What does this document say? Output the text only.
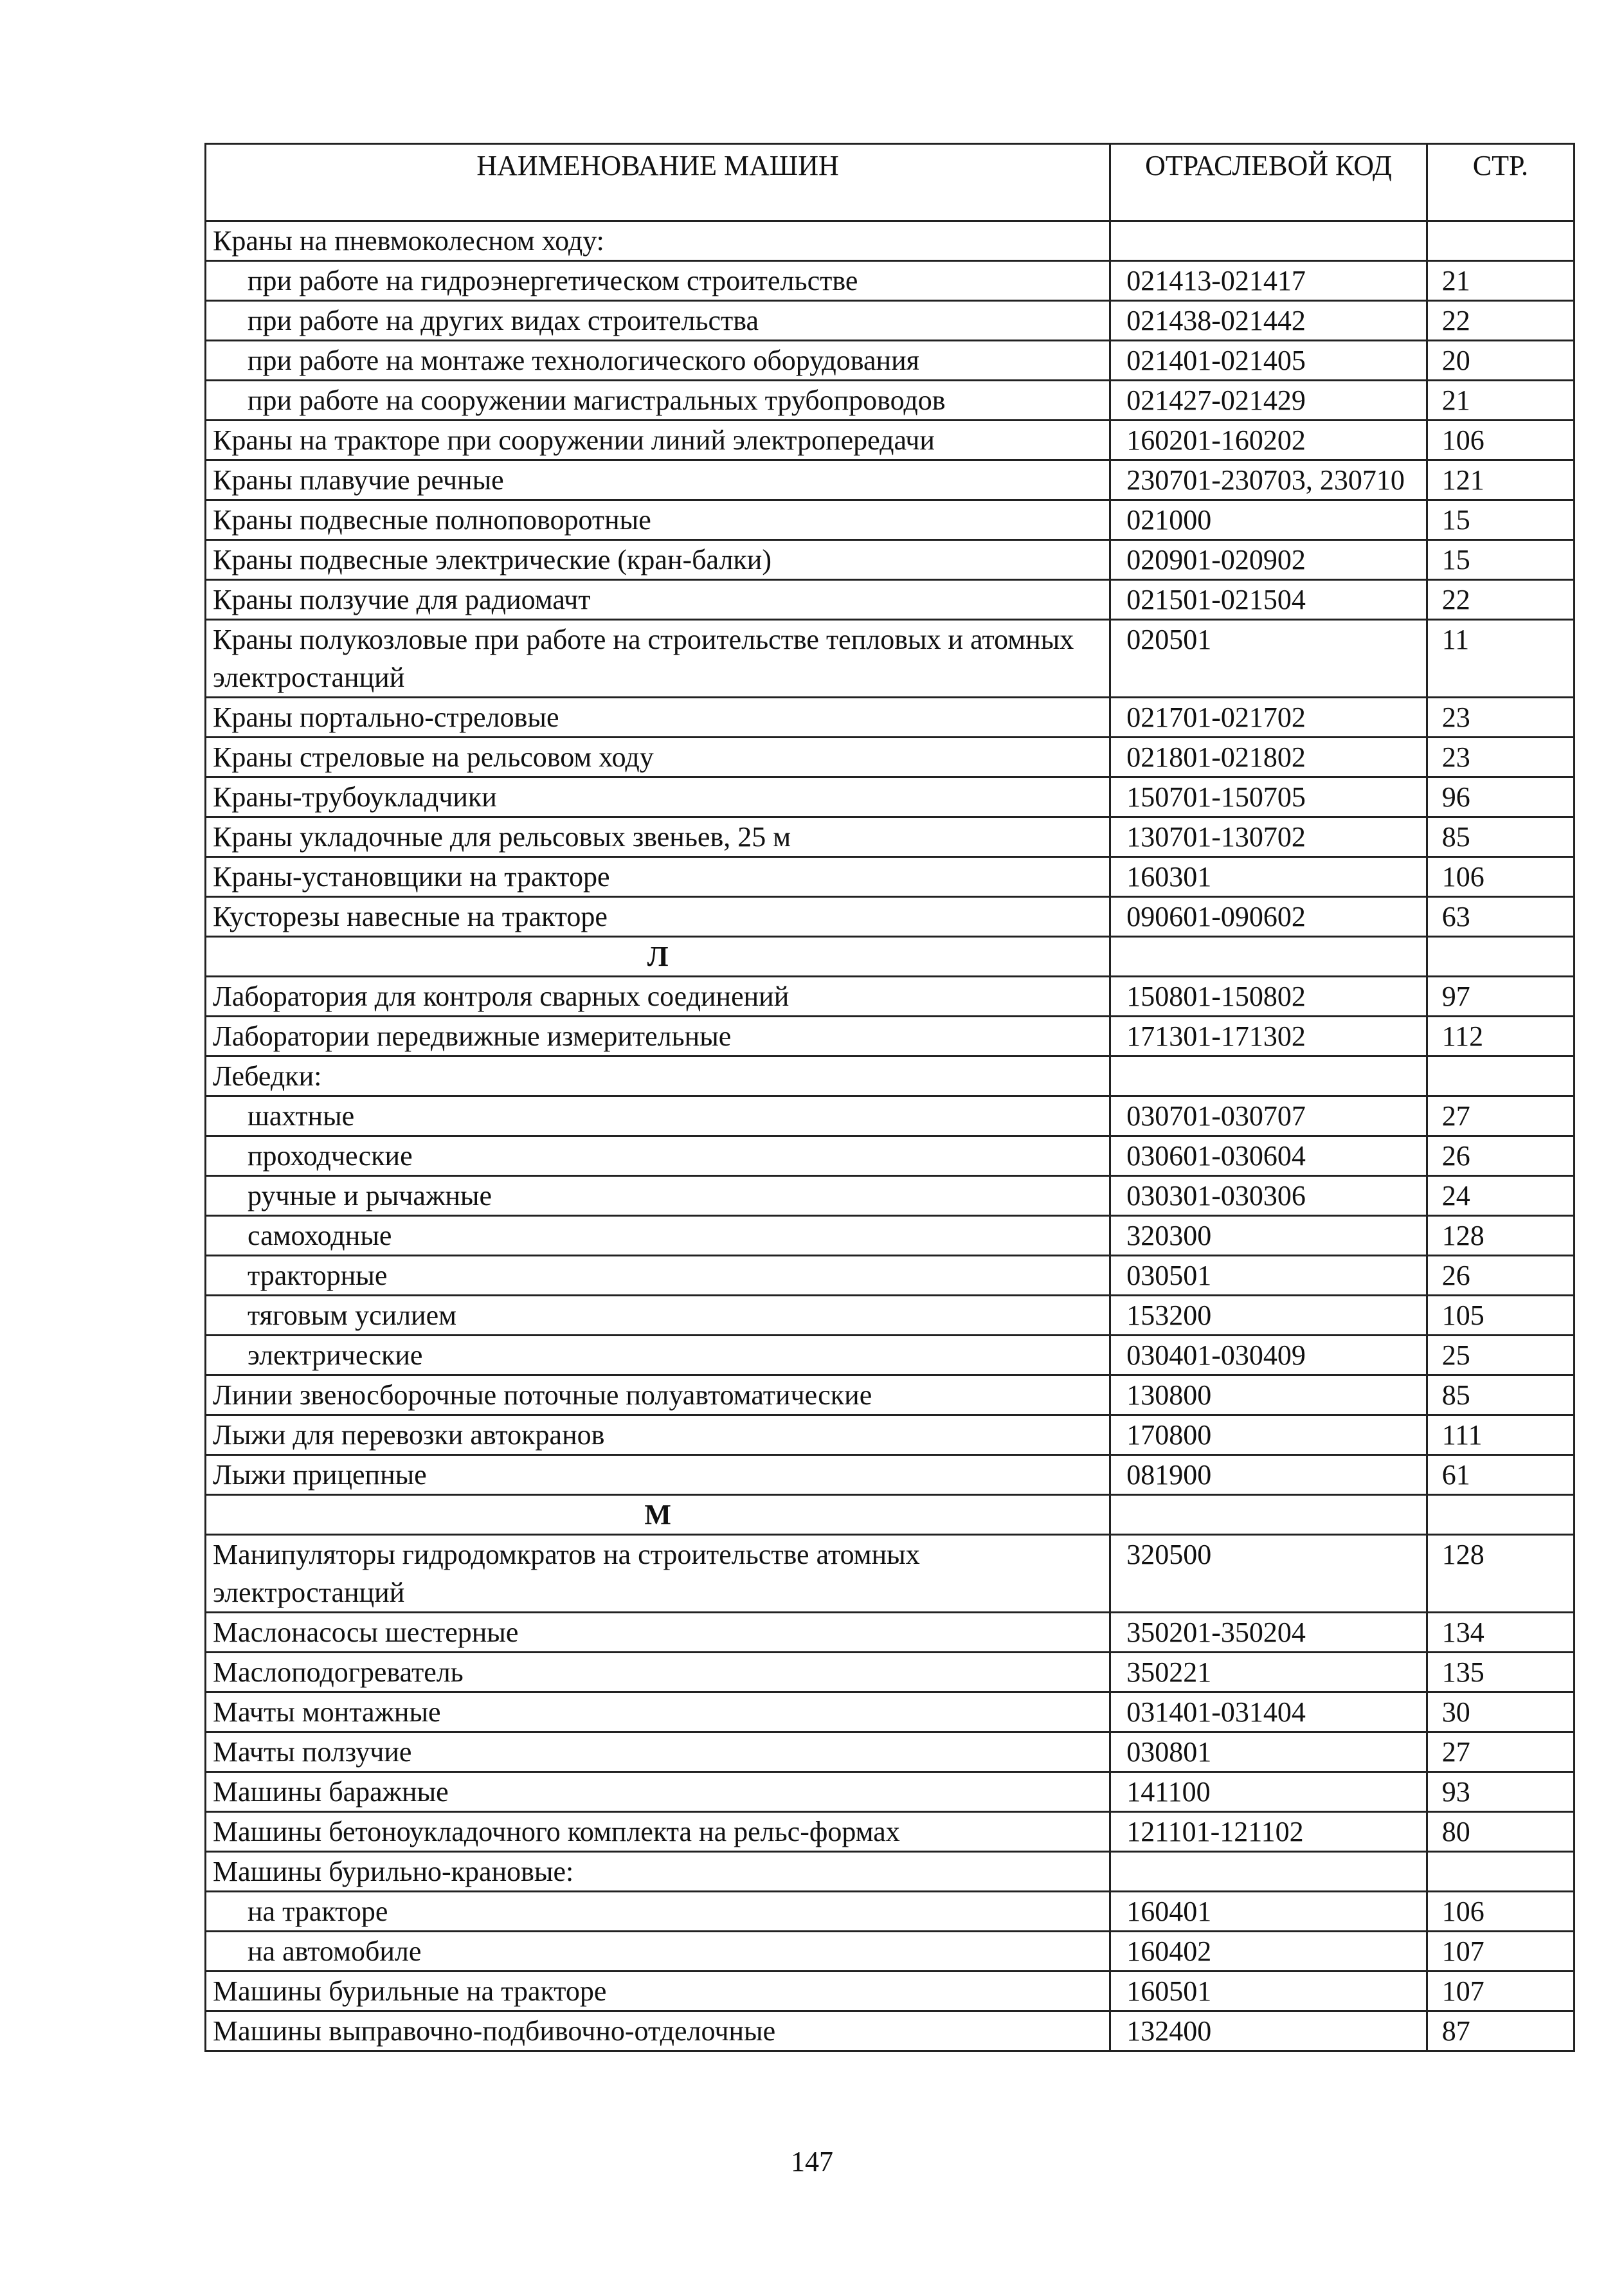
НАИМЕНОВАНИЕ МАШИН	ОТРАСЛЕВОЙ КОД	СТР.
Краны на пневмоколесном ходу:		
при работе на гидроэнергетическом строительстве	021413-021417	21
при работе на других видах строительства	021438-021442	22
при работе на монтаже технологического оборудования	021401-021405	20
при работе на сооружении магистральных трубопроводов	021427-021429	21
Краны на тракторе при сооружении линий электропередачи	160201-160202	106
Краны плавучие речные	230701-230703, 230710	121
Краны подвесные полноповоротные	021000	15
Краны подвесные электрические (кран-балки)	020901-020902	15
Краны ползучие для радиомачт	021501-021504	22
Краны полукозловые при работе на строительстве тепловых и атомных электростанций	020501	11
Краны портально-стреловые	021701-021702	23
Краны стреловые на рельсовом ходу	021801-021802	23
Краны-трубоукладчики	150701-150705	96
Краны укладочные для рельсовых звеньев, 25 м	130701-130702	85
Краны-установщики на тракторе	160301	106
Кусторезы навесные на тракторе	090601-090602	63
Л		
Лаборатория для контроля сварных соединений	150801-150802	97
Лаборатории передвижные измерительные	171301-171302	112
Лебедки:		
шахтные	030701-030707	27
проходческие	030601-030604	26
ручные и рычажные	030301-030306	24
самоходные	320300	128
тракторные	030501	26
тяговым усилием	153200	105
электрические	030401-030409	25
Линии звеносборочные поточные полуавтоматические	130800	85
Лыжи для перевозки автокранов	170800	111
Лыжи прицепные	081900	61
М		
Манипуляторы гидродомкратов на строительстве атомных электростанций	320500	128
Маслонасосы шестерные	350201-350204	134
Маслоподогреватель	350221	135
Мачты монтажные	031401-031404	30
Мачты ползучие	030801	27
Машины баражные	141100	93
Машины бетоноукладочного комплекта на рельс-формах	121101-121102	80
Машины бурильно-крановые:		
на тракторе	160401	106
на автомобиле	160402	107
Машины бурильные на тракторе	160501	107
Машины выправочно-подбивочно-отделочные	132400	87
147
